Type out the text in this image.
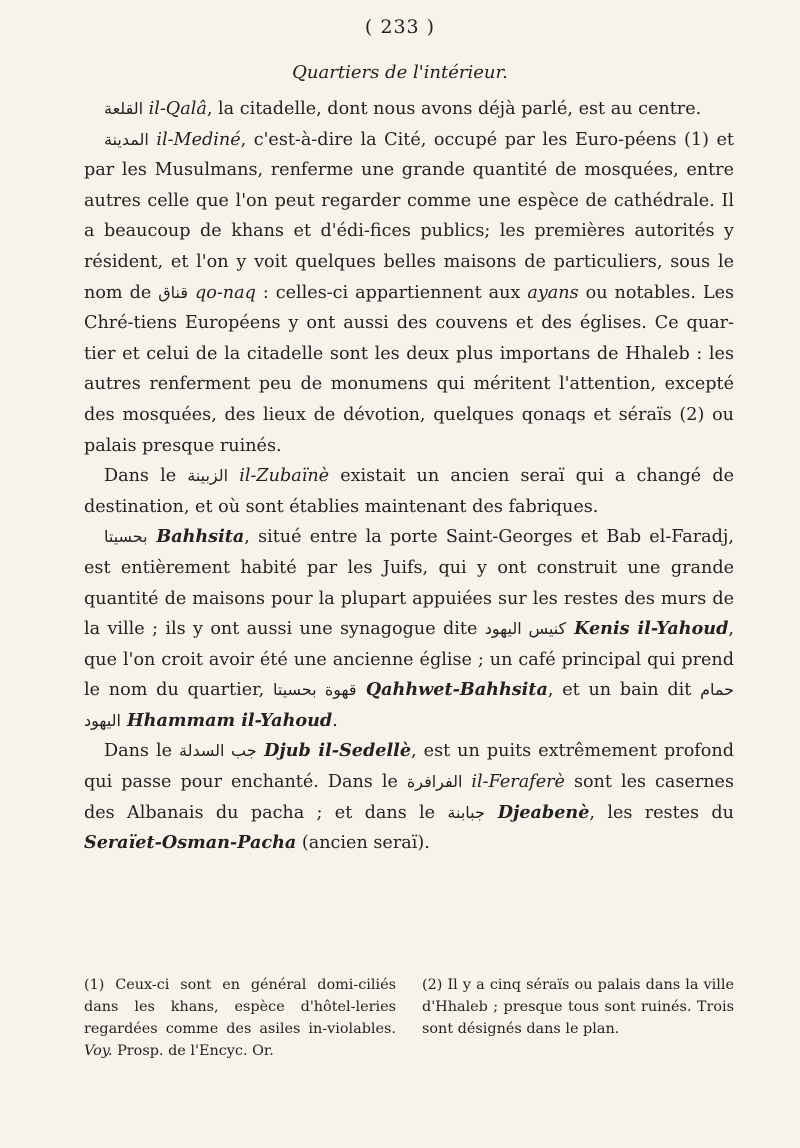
( 233 )
Quartiers de l'intérieur.

القلعة il-Qalâ, la citadelle, dont nous avons déjà parlé, est au centre.

المدينة il-Mediné, c'est-à-dire la Cité, occupé par les Euro-péens (1) et par les Musulmans, renferme une grande quantité de mosquées, entre autres celle que l'on peut regarder comme une espèce de cathédrale. Il a beaucoup de khans et d'édi-fices publics; les premières autorités y résident, et l'on y voit quelques belles maisons de particuliers, sous le nom de قناق qo-naq : celles-ci appartiennent aux ayans ou notables. Les Chré-tiens Européens y ont aussi des couvens et des églises. Ce quar-tier et celui de la citadelle sont les deux plus importans de Hhaleb : les autres renferment peu de monumens qui méritent l'attention, excepté des mosquées, des lieux de dévotion, quelques qonaqs et séraïs (2) ou palais presque ruinés.

Dans le الزبينة il-Zubaïnè existait un ancien seraï qui a changé de destination, et où sont établies maintenant des fabriques.

بحسيتا Bahhsita, situé entre la porte Saint-Georges et Bab el-Faradj, est entièrement habité par les Juifs, qui y ont construit une grande quantité de maisons pour la plupart appuiées sur les restes des murs de la ville ; ils y ont aussi une synagogue dite كنيس اليهود Kenis il-Yahoud, que l'on croit avoir été une ancienne église ; un café principal qui prend le nom du quartier, قهوة بحسيتا Qahhwet-Bahhsita, et un bain dit حمام اليهود Hhammam il-Yahoud.

Dans le جب السدلة Djub il-Sedellè, est un puits extrêmement profond qui passe pour enchanté. Dans le الفرافرة il-Feraferè sont les casernes des Albanais du pacha ; et dans le جبابنة Djeabenè, les restes du Seraïet-Osman-Pacha (ancien seraï).

(1) Ceux-ci sont en général domi-ciliés dans les khans, espèce d'hôtel-leries regardées comme des asiles in-violables. Voy. Prosp. de l'Encyc. Or.
(2) Il y a cinq séraïs ou palais dans la ville d'Hhaleb ; presque tous sont ruinés. Trois sont désignés dans le plan.
